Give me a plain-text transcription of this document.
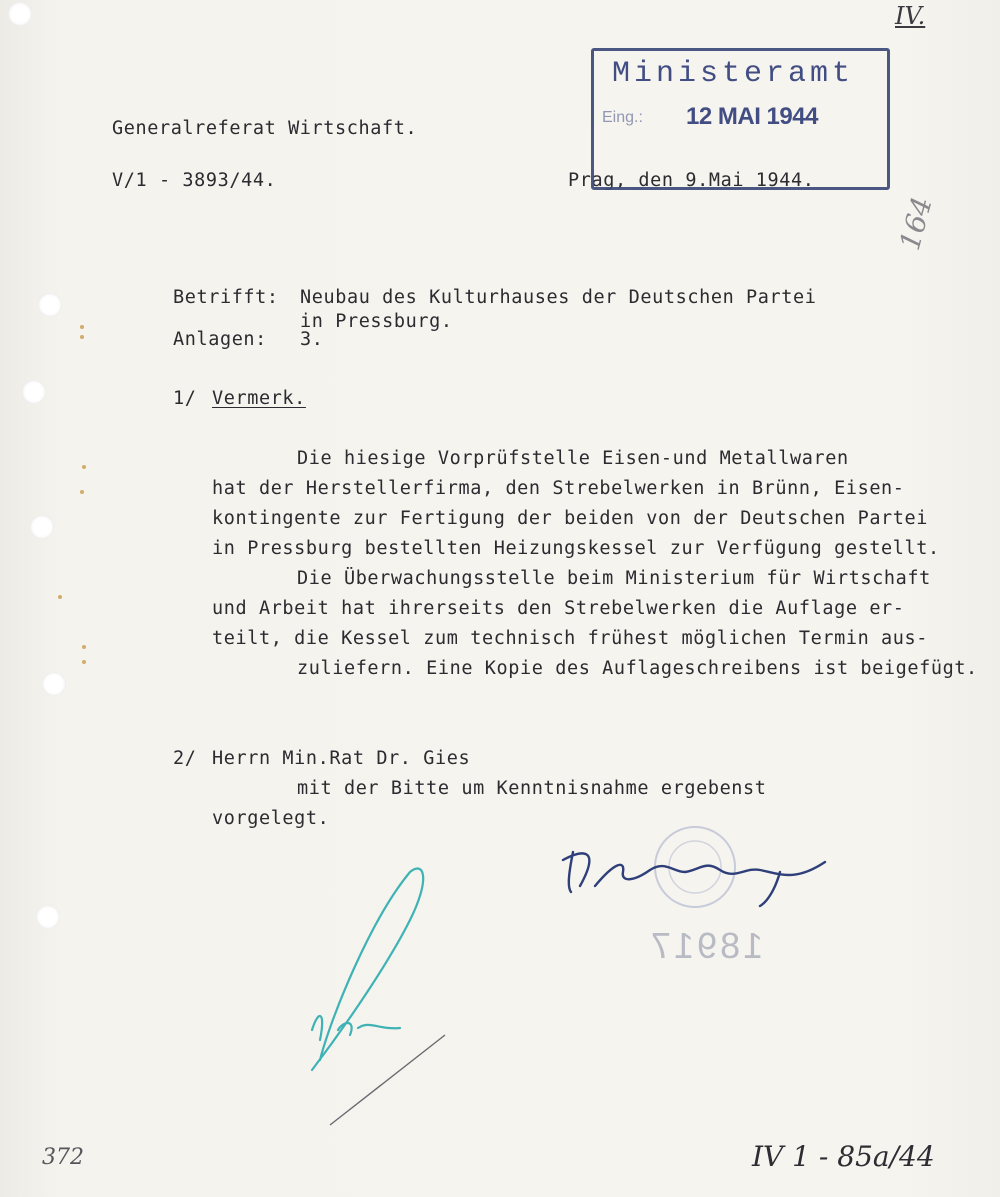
IV.
Generalreferat Wirtschaft.
V/1 - 3893/44.	Prag, den 9.Mai 1944.
Ministeramt
Eing.: 12 MAI 1944
164
Betrifft: Neubau des Kulturhauses der Deutschen Partei
in Pressburg.
Anlagen: 3.
1/ Vermerk.
Die hiesige Vorprüfstelle Eisen-und Metallwaren
hat der Herstellerfirma, den Strebelwerken in Brünn, Eisen-
kontingente zur Fertigung der beiden von der Deutschen Partei
in Pressburg bestellten Heizungskessel zur Verfügung gestellt.
Die Überwachungsstelle beim Ministerium für Wirtschaft
und Arbeit hat ihrerseits den Strebelwerken die Auflage er-
teilt, die Kessel zum technisch frühest möglichen Termin aus-
zuliefern. Eine Kopie des Auflageschreibens ist beigefügt.
2/ Herrn Min.Rat Dr. Gies
mit der Bitte um Kenntnisnahme ergebenst
vorgelegt.
18917
372
 	IV 1 - 85a/44
